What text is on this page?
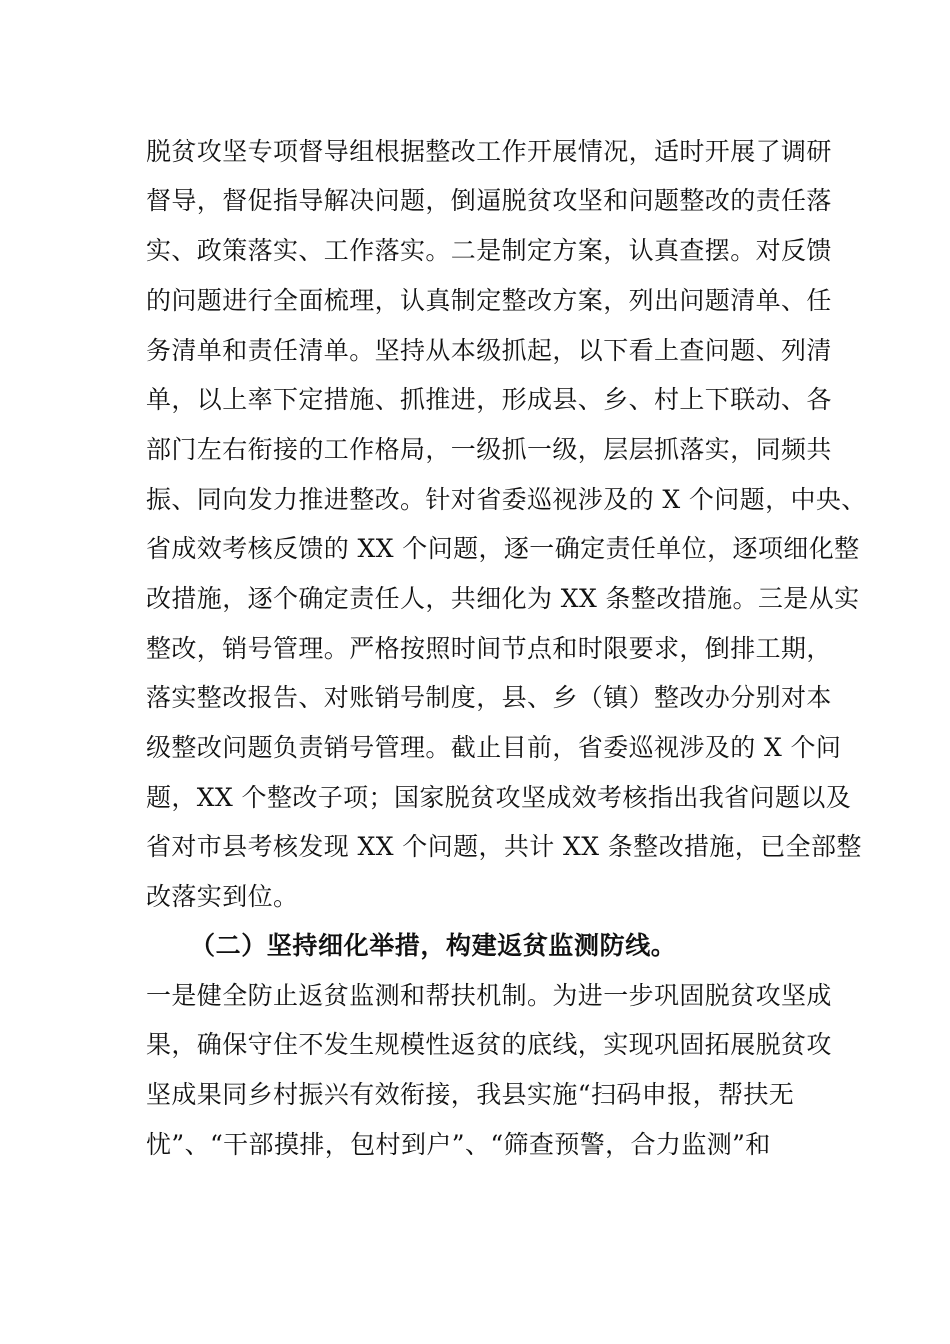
脱贫攻坚专项督导组根据整改工作开展情况，适时开展了调研
督导，督促指导解决问题，倒逼脱贫攻坚和问题整改的责任落
实、政策落实、工作落实。二是制定方案，认真查摆。对反馈
的问题进行全面梳理，认真制定整改方案，列出问题清单、任
务清单和责任清单。坚持从本级抓起，以下看上查问题、列清
单，以上率下定措施、抓推进，形成县、乡、村上下联动、各
部门左右衔接的工作格局，一级抓一级，层层抓落实，同频共
振、同向发力推进整改。针对省委巡视涉及的 X 个问题，中央、
省成效考核反馈的 XX 个问题，逐一确定责任单位，逐项细化整
改措施，逐个确定责任人，共细化为 XX 条整改措施。三是从实
整改，销号管理。严格按照时间节点和时限要求，倒排工期，
落实整改报告、对账销号制度，县、乡（镇）整改办分别对本
级整改问题负责销号管理。截止目前，省委巡视涉及的 X 个问
题，XX 个整改子项；国家脱贫攻坚成效考核指出我省问题以及
省对市县考核发现 XX 个问题，共计 XX 条整改措施，已全部整
改落实到位。
（二）坚持细化举措，构建返贫监测防线。
一是健全防止返贫监测和帮扶机制。为进一步巩固脱贫攻坚成
果，确保守住不发生规模性返贫的底线，实现巩固拓展脱贫攻
坚成果同乡村振兴有效衔接，我县实施“扫码申报，帮扶无
忧”、“干部摸排，包村到户”、“筛查预警，合力监测”和
